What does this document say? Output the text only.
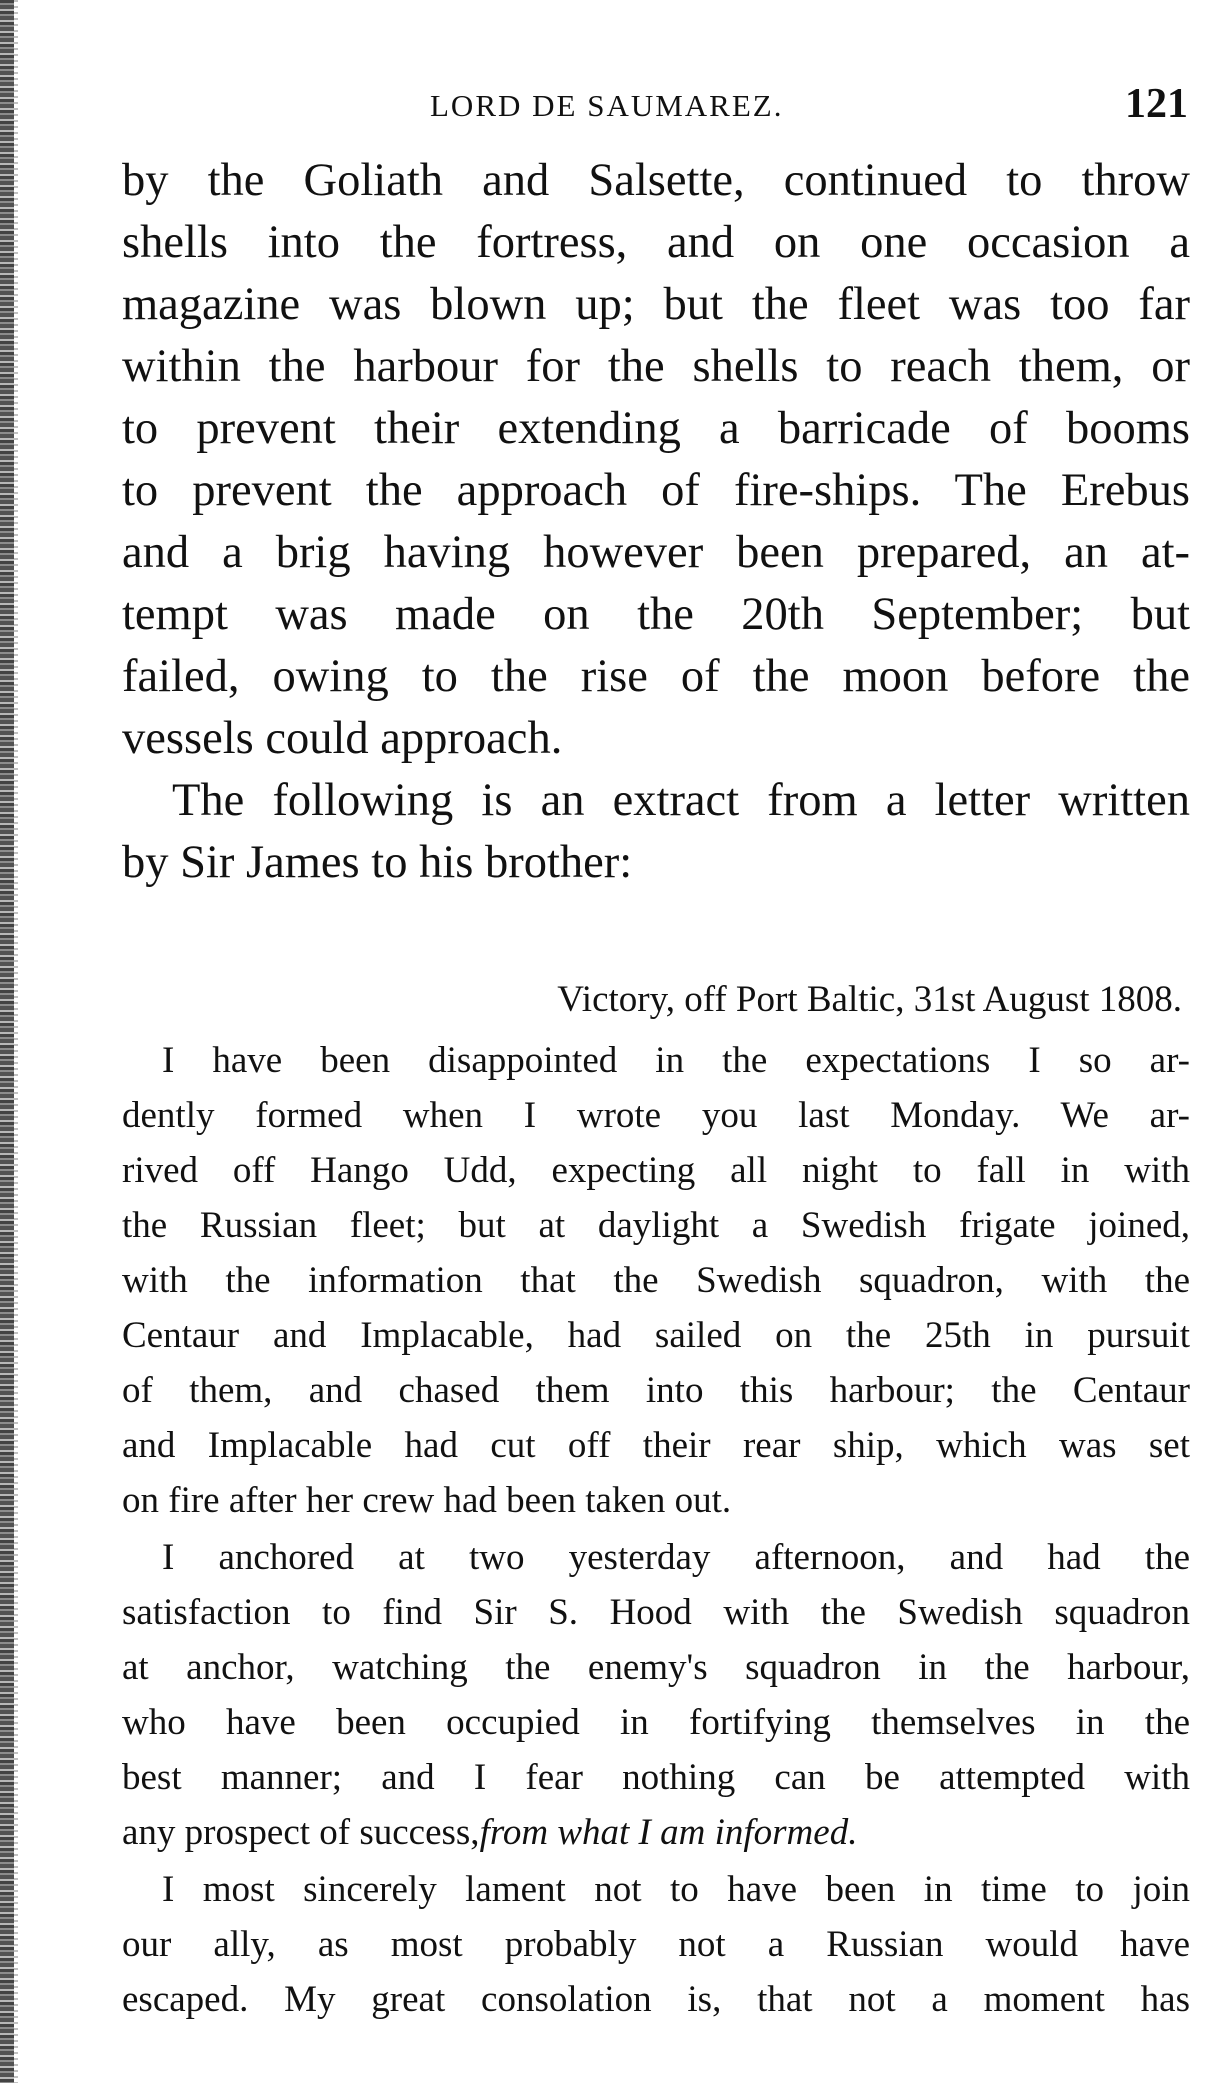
LORD DE SAUMAREZ.	121

by the Goliath and Salsette, continued to throw
shells into the fortress, and on one occasion a
magazine was blown up; but the fleet was too far
within the harbour for the shells to reach them, or
to prevent their extending a barricade of booms
to prevent the approach of fire-ships. The Erebus
and a brig having however been prepared, an at-
tempt was made on the 20th September; but
failed, owing to the rise of the moon before the

vessels could approach.

The following is an extract from a letter written

by Sir James to his brother:

Victory, off Port Baltic, 31st August 1808.

I have been disappointed in the expectations I so ar-
dently formed when I wrote you last Monday. We ar-
rived off Hango Udd, expecting all night to fall in with
the Russian fleet; but at daylight a Swedish frigate joined,
with the information that the Swedish squadron, with the
Centaur and Implacable, had sailed on the 25th in pursuit
of them, and chased them into this harbour; the Centaur
and Implacable had cut off their rear ship, which was set

on fire after her crew had been taken out.

I anchored at two yesterday afternoon, and had the
satisfaction to find Sir S. Hood with the Swedish squadron
at anchor, watching the enemy's squadron in the harbour,
who have been occupied in fortifying themselves in the
best manner; and I fear nothing can be attempted with

any prospect of success,from what I am informed.

I most sincerely lament not to have been in time to join
our ally, as most probably not a Russian would have
escaped. My great consolation is, that not a moment has
